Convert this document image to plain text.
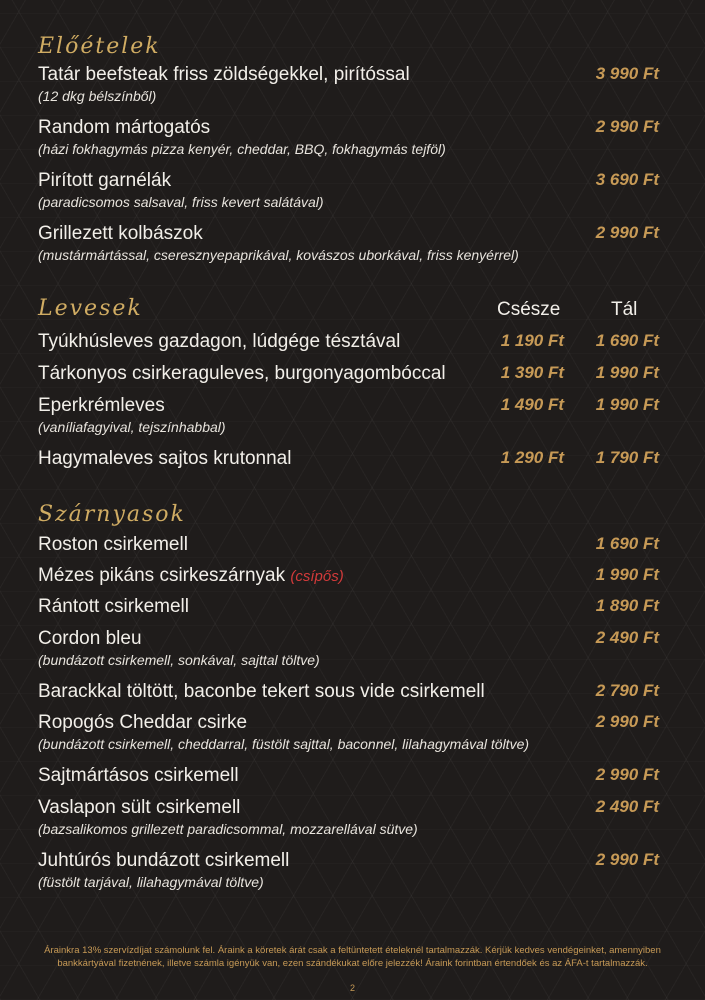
Előételek
Tatár beefsteak friss zöldségekkel, pirítóssal
(12 dkg bélszínből)
3 990 Ft
Random mártogatós
(házi fokhagymás pizza kenyér, cheddar, BBQ, fokhagymás tejföl)
2 990 Ft
Pirított garnélák
(paradicsomos salsaval, friss kevert salátával)
3 690 Ft
Grillezett kolbászok
(mustármártással, cseresznyepaprikával, kovászos uborkával, friss kenyérrel)
2 990 Ft
Levesek	Csésze	Tál
Tyúkhúsleves gazdagon, lúdgége tésztával	1 190 Ft	1 690 Ft
Tárkonyos csirkeraguleves, burgonyagombóccal	1 390 Ft	1 990 Ft
Eperkrémleves
(vaníliafagyival, tejszínhabbal)
1 490 Ft	1 990 Ft
Hagymaleves sajtos krutonnal	1 290 Ft	1 790 Ft
Szárnyasok
Roston csirkemell	1 690 Ft
Mézes pikáns csirkeszárnyak (csípős)	1 990 Ft
Rántott csirkemell	1 890 Ft
Cordon bleu
(bundázott csirkemell, sonkával, sajttal töltve)
2 490 Ft
Barackkal töltött, baconbe tekert sous vide csirkemell	2 790 Ft
Ropogós Cheddar csirke
(bundázott csirkemell, cheddarral, füstölt sajttal, baconnel, lilahagymával töltve)
2 990 Ft
Sajtmártásos csirkemell	2 990 Ft
Vaslapon sült csirkemell
(bazsalikomos grillezett paradicsommal, mozzarellával sütve)
2 490 Ft
Juhtúrós bundázott csirkemell
(füstölt tarjával, lilahagymával töltve)
2 990 Ft
Árainkra 13% szervízdíjat számolunk fel. Áraink a köretek árát csak a feltüntetett ételeknél tartalmazzák. Kérjük kedves vendégeinket, amennyiben
bankkártyával fizetnének, illetve számla igényük van, ezen szándékukat előre jelezzék! Áraink forintban értendőek és az ÁFA-t tartalmazzák.
2
